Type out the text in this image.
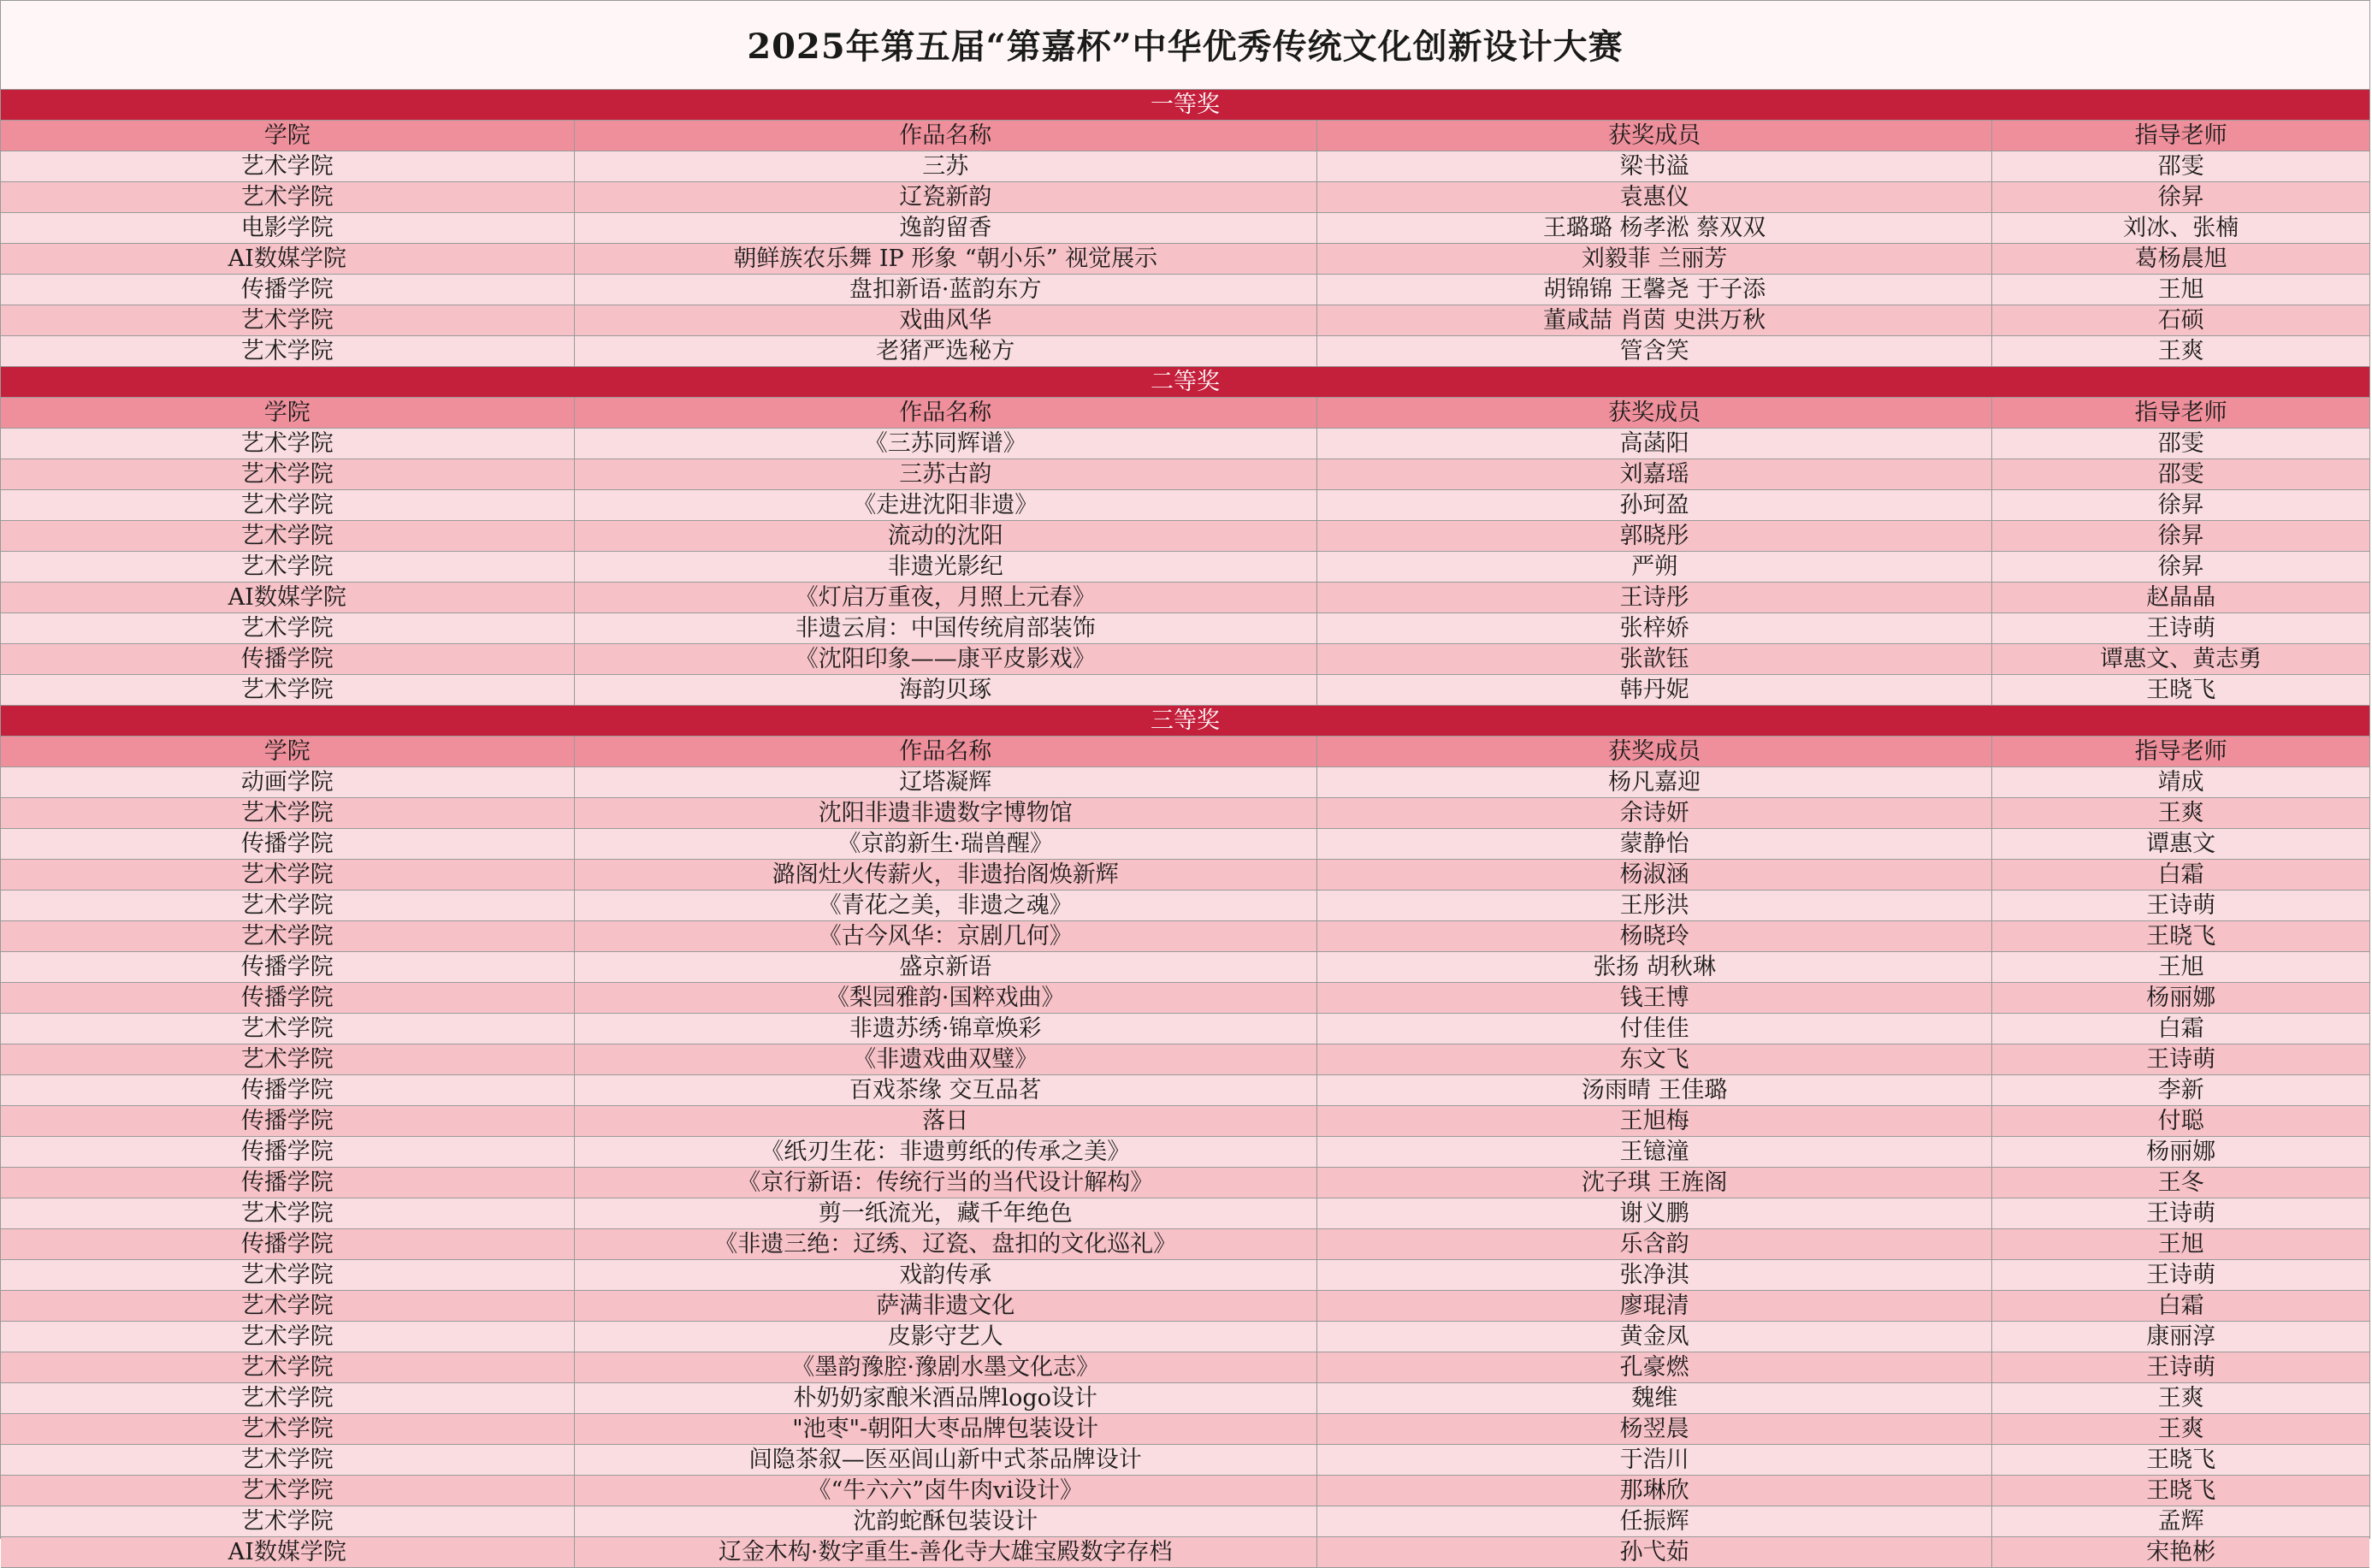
2025年第五届“第嘉杯”中华优秀传统文化创新设计大赛
一等奖
学院	作品名称	获奖成员	指导老师
艺术学院	三苏	梁书溢	邵雯
艺术学院	辽瓷新韵	袁惠仪	徐昇
电影学院	逸韵留香	王璐璐 杨孝淞 蔡双双	刘冰、张楠
AI数媒学院	朝鲜族农乐舞 IP 形象 “朝小乐” 视觉展示	刘毅菲 兰丽芳	葛杨晨旭
传播学院	盘扣新语·蓝韵东方	胡锦锦 王馨尧 于子添	王旭
艺术学院	戏曲风华	董咸喆 肖茵 史洪万秋	石硕
艺术学院	老猪严选秘方	管含笑	王爽
二等奖
学院	作品名称	获奖成员	指导老师
艺术学院	《三苏同辉谱》	高菡阳	邵雯
艺术学院	三苏古韵	刘嘉瑶	邵雯
艺术学院	《走进沈阳非遗》	孙珂盈	徐昇
艺术学院	流动的沈阳	郭晓彤	徐昇
艺术学院	非遗光影纪	严朔	徐昇
AI数媒学院	《灯启万重夜，月照上元春》	王诗彤	赵晶晶
艺术学院	非遗云肩：中国传统肩部装饰	张梓娇	王诗萌
传播学院	《沈阳印象——康平皮影戏》	张歆钰	谭惠文、黄志勇
艺术学院	海韵贝琢	韩丹妮	王晓飞
三等奖
学院	作品名称	获奖成员	指导老师
动画学院	辽塔凝辉	杨凡嘉迎	靖成
艺术学院	沈阳非遗非遗数字博物馆	余诗妍	王爽
传播学院	《京韵新生·瑞兽醒》	蒙静怡	谭惠文
艺术学院	潞阁灶火传薪火，非遗抬阁焕新辉	杨淑涵	白霜
艺术学院	《青花之美，非遗之魂》	王彤洪	王诗萌
艺术学院	《古今风华：京剧几何》	杨晓玲	王晓飞
传播学院	盛京新语	张扬 胡秋琳	王旭
传播学院	《梨园雅韵·国粹戏曲》	钱王博	杨丽娜
艺术学院	非遗苏绣·锦章焕彩	付佳佳	白霜
艺术学院	《非遗戏曲双璧》	东文飞	王诗萌
传播学院	百戏茶缘 交互品茗	汤雨晴 王佳璐	李新
传播学院	落日	王旭梅	付聪
传播学院	《纸刃生花：非遗剪纸的传承之美》	王镱潼	杨丽娜
传播学院	《京行新语：传统行当的当代设计解构》	沈子琪 王旌阁	王冬
艺术学院	剪一纸流光，藏千年绝色	谢义鹏	王诗萌
传播学院	《非遗三绝：辽绣、辽瓷、盘扣的文化巡礼》	乐含韵	王旭
艺术学院	戏韵传承	张净淇	王诗萌
艺术学院	萨满非遗文化	廖琨清	白霜
艺术学院	皮影守艺人	黄金凤	康丽淳
艺术学院	《墨韵豫腔·豫剧水墨文化志》	孔豪燃	王诗萌
艺术学院	朴奶奶家酿米酒品牌logo设计	魏维	王爽
艺术学院	"池枣"-朝阳大枣品牌包装设计	杨翌晨	王爽
艺术学院	闾隐茶叙—医巫闾山新中式茶品牌设计	于浩川	王晓飞
艺术学院	《“牛六六”卤牛肉vi设计》	那琳欣	王晓飞
艺术学院	沈韵蛇酥包装设计	任振辉	孟辉
AI数媒学院	辽金木构·数字重生-善化寺大雄宝殿数字存档	孙弋茹	宋艳彬
